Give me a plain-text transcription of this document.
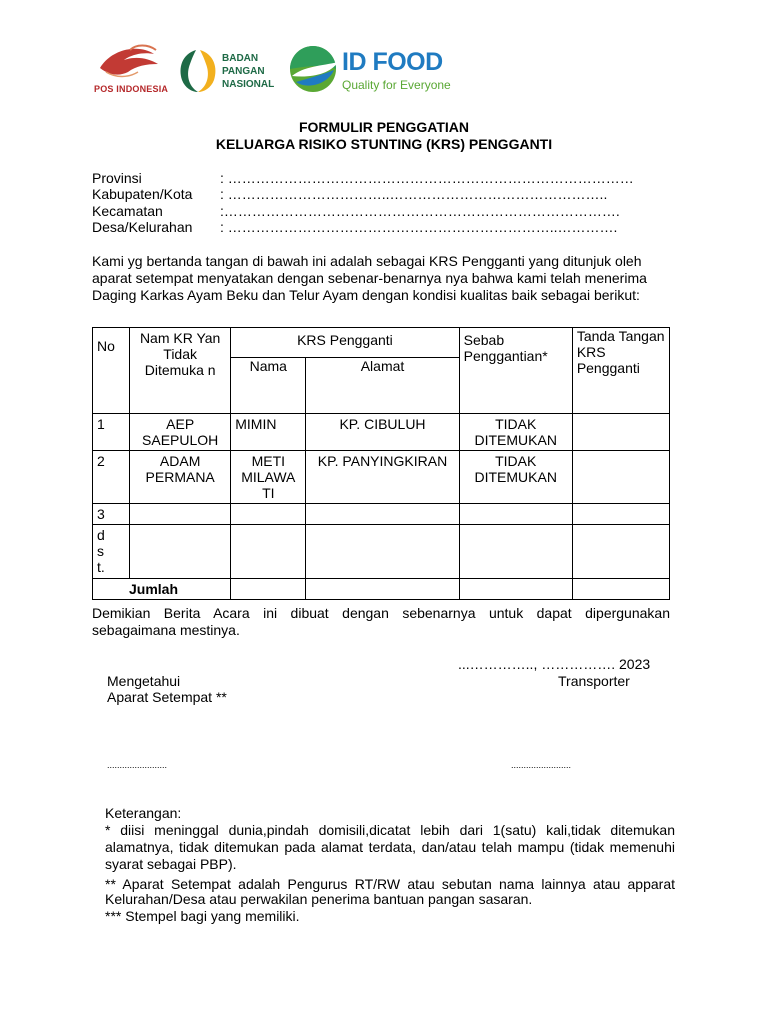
POS INDONESIA
BADAN
PANGAN
NASIONAL
ID FOOD
Quality for Everyone
FORMULIR PENGGATIAN
KELUARGA RISIKO STUNTING (KRS) PENGGANTI
Provinsi	: ……………………………………………………………………………
Kabupaten/Kota : ……………………………..………………………………………..
Kecamatan	:………………………………………………………………………….
Desa/Kelurahan : ……………………………………………………………..………….
Kami yg bertanda tangan di bawah ini adalah sebagai KRS Pengganti yang ditunjuk oleh aparat setempat menyatakan dengan sebenar-benarnya nya bahwa kami telah menerima Daging Karkas Ayam Beku dan Telur Ayam dengan kondisi kualitas baik sebagai berikut:
No	Nam KR Yan Tidak Ditemuka n	KRS Pengganti		Sebab Penggantian*	Tanda Tangan KRS Pengganti
		Nama	Alamat		
1	AEP SAEPULOH	MIMIN	KP. CIBULUH	TIDAK DITEMUKAN	
2	ADAM PERMANA	METI MILAWA TI	KP. PANYINGKIRAN	TIDAK DITEMUKAN	
3					
d s t.					
Jumlah					
Demikian Berita Acara ini dibuat dengan sebenarnya untuk dapat dipergunakan sebagaimana mestinya.
...………….., ……………. 2023
Mengetahui	Transporter
Aparat Setempat **
........................	........................
Keterangan:
* diisi meninggal dunia,pindah domisili,dicatat lebih dari 1(satu) kali,tidak ditemukan alamatnya, tidak ditemukan pada alamat terdata, dan/atau telah mampu (tidak memenuhi syarat sebagai PBP).
** Aparat Setempat adalah Pengurus RT/RW atau sebutan nama lainnya atau apparat Kelurahan/Desa atau perwakilan penerima bantuan pangan sasaran.
*** Stempel bagi yang memiliki.
